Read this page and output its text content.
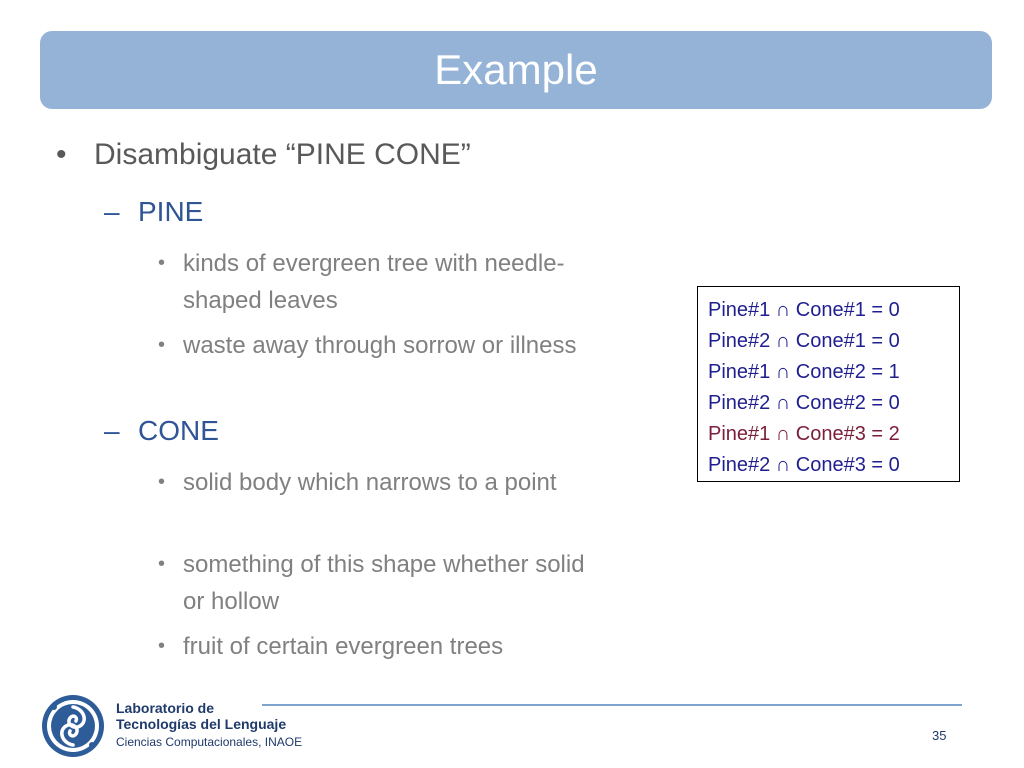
Example
• Disambiguate “PINE CONE”
– PINE
• kinds of evergreen tree with needle-shaped leaves
• waste away through sorrow or illness
– CONE
• solid body which narrows to a point
• something of this shape whether solid or hollow
• fruit of certain evergreen trees
Pine#1 ∩ Cone#1 = 0
Pine#2 ∩ Cone#1 = 0
Pine#1 ∩ Cone#2 = 1
Pine#2 ∩ Cone#2 = 0
Pine#1 ∩ Cone#3 = 2
Pine#2 ∩ Cone#3 = 0
Laboratorio de
Tecnologías del Lenguaje
Ciencias Computacionales, INAOE	35
